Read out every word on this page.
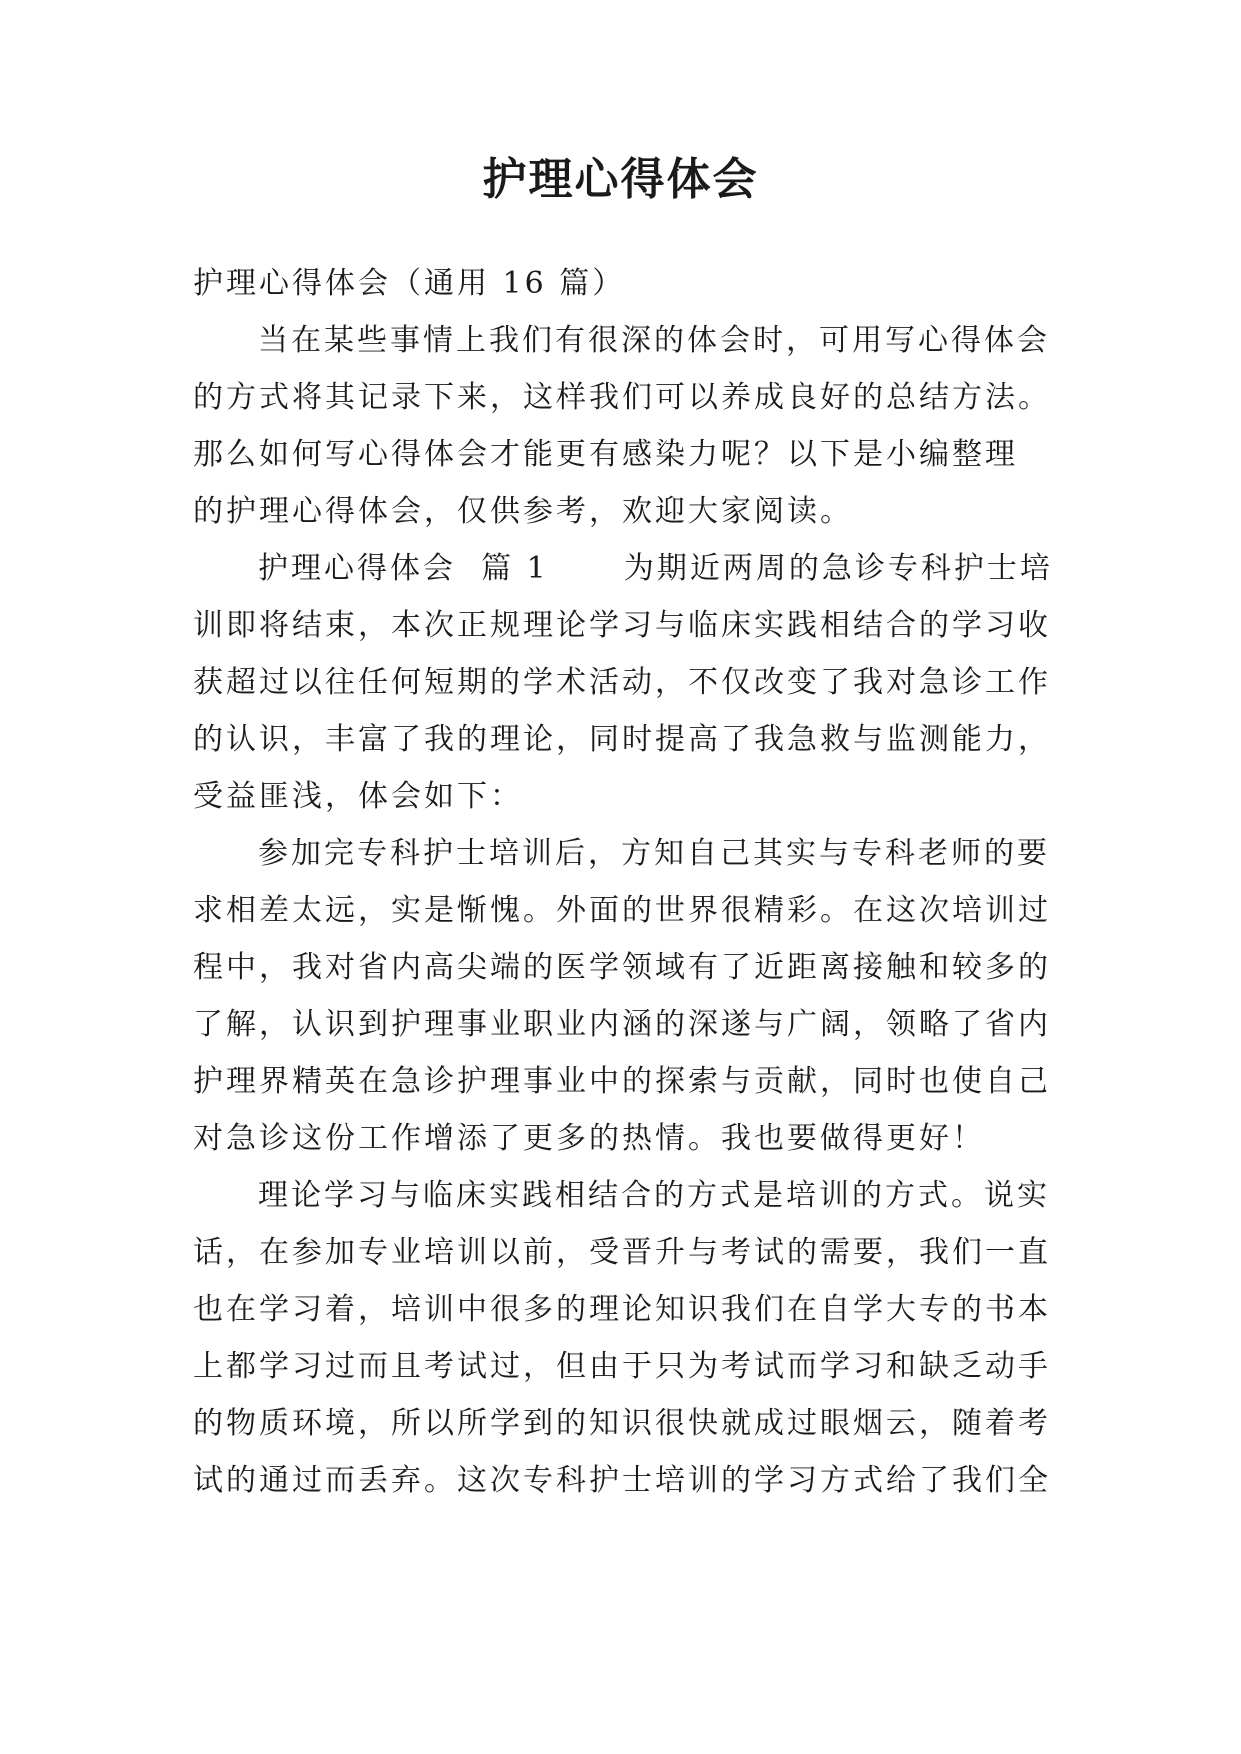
护理心得体会
护理心得体会（通用 16 篇）
当在某些事情上我们有很深的体会时，可用写心得体会
的方式将其记录下来，这样我们可以养成良好的总结方法。
那么如何写心得体会才能更有感染力呢？以下是小编整理
的护理心得体会，仅供参考，欢迎大家阅读。
护理心得体会  篇 1      为期近两周的急诊专科护士培
训即将结束，本次正规理论学习与临床实践相结合的学习收
获超过以往任何短期的学术活动，不仅改变了我对急诊工作
的认识，丰富了我的理论，同时提高了我急救与监测能力，
受益匪浅，体会如下：
参加完专科护士培训后，方知自己其实与专科老师的要
求相差太远，实是惭愧。外面的世界很精彩。在这次培训过
程中，我对省内高尖端的医学领域有了近距离接触和较多的
了解，认识到护理事业职业内涵的深遂与广阔，领略了省内
护理界精英在急诊护理事业中的探索与贡献，同时也使自己
对急诊这份工作增添了更多的热情。我也要做得更好！
理论学习与临床实践相结合的方式是培训的方式。说实
话，在参加专业培训以前，受晋升与考试的需要，我们一直
也在学习着，培训中很多的理论知识我们在自学大专的书本
上都学习过而且考试过，但由于只为考试而学习和缺乏动手
的物质环境，所以所学到的知识很快就成过眼烟云，随着考
试的通过而丢弃。这次专科护士培训的学习方式给了我们全
